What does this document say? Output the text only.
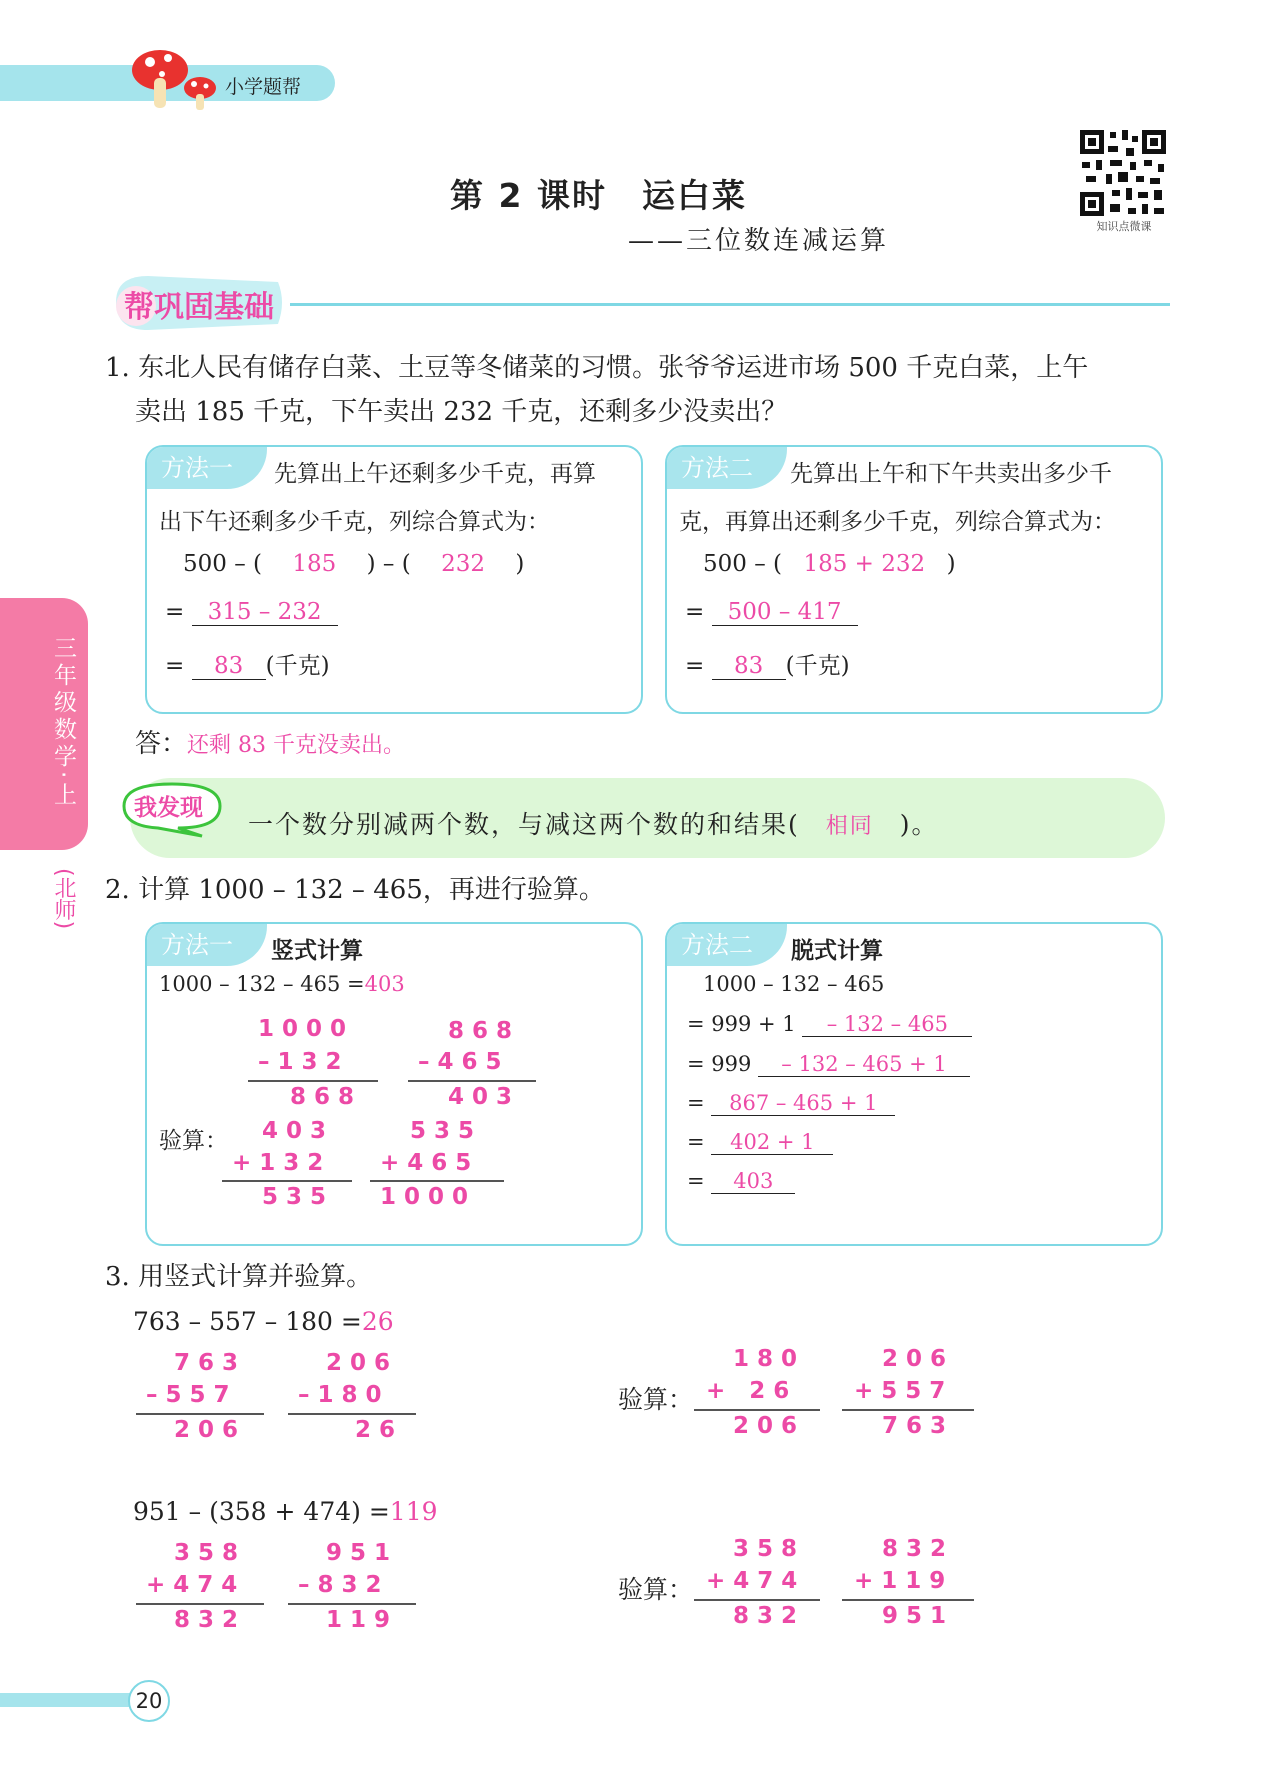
小学题帮
第 2 课时　运白菜
——三位数连减运算	知识点微课
帮巩固基础
三年级数学·上
(北师)
1. 东北人民有储存白菜、土豆等冬储菜的习惯。张爷爷运进市场 500 千克白菜，上午
卖出 185 千克，下午卖出 232 千克，还剩多少没卖出？
方法一	先算出上午还剩多少千克，再算
出下午还剩多少千克，列综合算式为：
500 – ( 185 ) – ( 232 )
= 315 – 232
= 83 (千克)
方法二	先算出上午和下午共卖出多少千
克，再算出还剩多少千克，列综合算式为：
500 – ( 185 + 232 )
= 500 – 417
= 83 (千克)
答：还剩 83 千克没卖出。
我发现
一个数分别减两个数，与减这两个数的和结果( 相同 )。
2. 计算 1000 – 132 – 465，再进行验算。
方法一	竖式计算
1000 – 132 – 465 =403
验算：
方法二	脱式计算
1000 – 132 – 465
= 999 + 1 – 132 – 465
= 999 – 132 – 465 + 1
= 867 – 465 + 1
= 402 + 1
= 403
3. 用竖式计算并验算。
763 – 557 – 180 =26
951 – (358 + 474) =119
验算：
验算：
1 0 0 0
– 1 3 2
8 6 8
8 6 8
– 4 6 5
4 0 3
4 0 3
+ 1 3 2
5 3 5
5 3 5
+ 4 6 5
1 0 0 0
7 6 3
– 5 5 7
2 0 6
2 0 6
– 1 8 0
2 6
1 8 0
+   2 6
2 0 6
2 0 6
+ 5 5 7
7 6 3
3 5 8
+ 4 7 4
8 3 2
9 5 1
– 8 3 2
1 1 9
3 5 8
+ 4 7 4
8 3 2
8 3 2
+ 1 1 9
9 5 1
20
